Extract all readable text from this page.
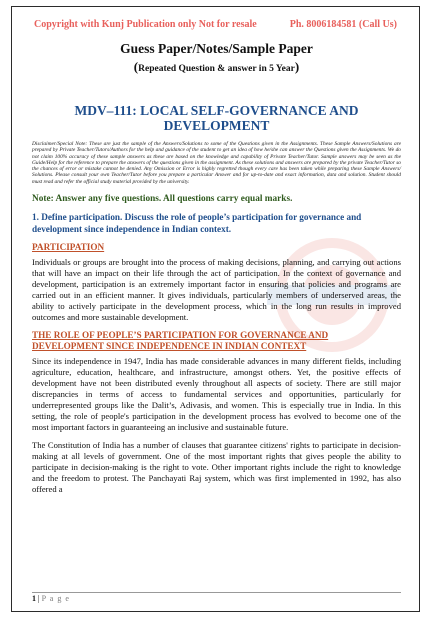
Copyright with Kunj Publication only Not for resale	Ph. 8006184581 (Call Us)
Guess Paper/Notes/Sample Paper
(Repeated Question & answer in 5 Year)
MDV–111: LOCAL SELF-GOVERNANCE AND DEVELOPMENT
Disclaimer/Special Note: These are just the sample of the Answers/Solutions to some of the Questions given in the Assignments. These Sample Answers/Solutions are prepared by Private Teacher/Tutors/Authors for the help and guidance of the student to get an idea of how he/she can answer the Questions given the Assignments. We do not claim 100% accuracy of these sample answers as these are based on the knowledge and capability of Private Teacher/Tutor. Sample answers may be seen as the Guide/Help for the reference to prepare the answers of the questions given in the assignment. As these solutions and answers are prepared by the private Teacher/Tutor so the chances of error or mistake cannot be denied. Any Omission or Error is highly regretted though every care has been taken while preparing these Sample Answers/ Solutions. Please consult your own Teacher/Tutor before you prepare a particular Answer and for up-to-date and exact information, data and solution. Student should must read and refer the official study material provided by the university.
Note: Answer any five questions. All questions carry equal marks.
1. Define participation. Discuss the role of people’s participation for governance and development since independence in Indian context.
PARTICIPATION
Individuals or groups are brought into the process of making decisions, planning, and carrying out actions that will have an impact on their life through the act of participation. In the context of governance and development, participation is an extremely important factor in ensuring that policies and programs are carried out in an efficient manner. It gives individuals, particularly members of underserved areas, the ability to actively participate in the development process, which in the long run results in improved outcomes and more sustainable development.
THE ROLE OF PEOPLE’S PARTICIPATION FOR GOVERNANCE AND DEVELOPMENT SINCE INDEPENDENCE IN INDIAN CONTEXT
Since its independence in 1947, India has made considerable advances in many different fields, including agriculture, education, healthcare, and infrastructure, amongst others. Yet, the positive effects of development have not been distributed evenly throughout all aspects of society. There are still major discrepancies in terms of access to fundamental services and opportunities, particularly for underrepresented groups like the Dalit’s, Adivasis, and women. This is especially true in India. In this setting, the role of people's participation in the development process has evolved to become one of the most important factors in guaranteeing an inclusive and sustainable future.
The Constitution of India has a number of clauses that guarantee citizens' rights to participate in decision-making at all levels of government. One of the most important rights that gives people the ability to participate in decision-making is the right to vote. Other important rights include the right to knowledge and the freedom to protest. The Panchayati Raj system, which was first implemented in 1992, has also offered a
1 | P a g e
